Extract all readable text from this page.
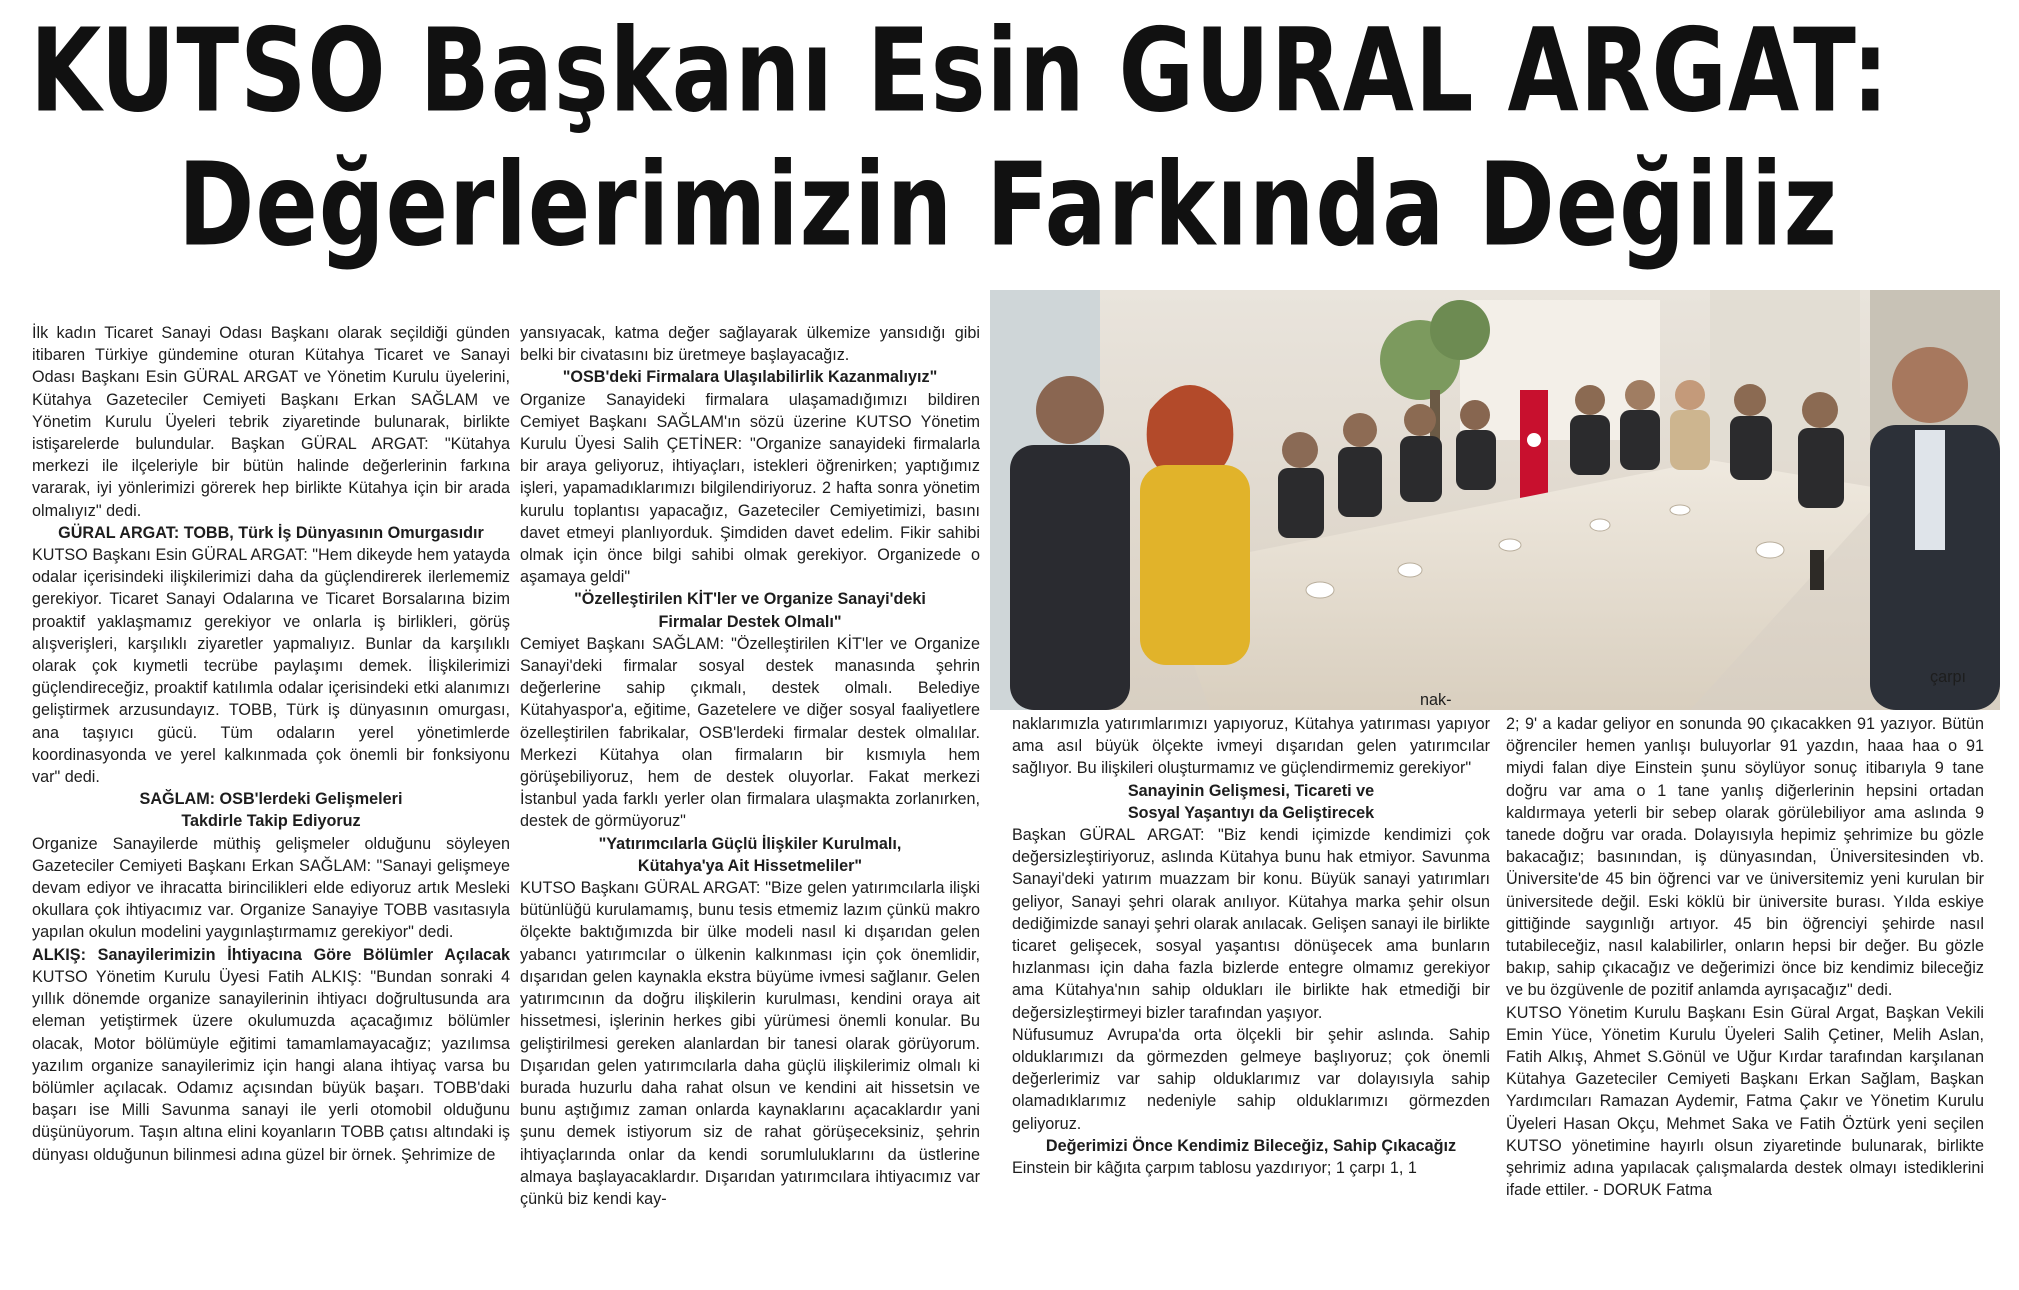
KUTSO Başkanı Esin GURAL ARGAT:
Değerlerimizin Farkında Değiliz

İlk kadın Ticaret Sanayi Odası Başkanı olarak seçildiği günden itibaren Türkiye gündemine oturan Kütahya Ticaret ve Sanayi Odası Başkanı Esin GÜRAL ARGAT ve Yönetim Kurulu üyelerini, Kütahya Gazeteciler Cemiyeti Başkanı Erkan SAĞLAM ve Yönetim Kurulu Üyeleri tebrik ziyaretinde bulunarak, birlikte istişarelerde bulundular. Başkan GÜRAL ARGAT: "Kütahya merkezi ile ilçeleriyle bir bütün halinde değerlerinin farkına vararak, iyi yönlerimizi görerek hep birlikte Kütahya için bir arada olmalıyız" dedi.

GÜRAL ARGAT: TOBB, Türk İş Dünyasının Omurgasıdır

KUTSO Başkanı Esin GÜRAL ARGAT: "Hem dikeyde hem yatayda odalar içerisindeki ilişkilerimizi daha da güçlendirerek ilerlememiz gerekiyor. Ticaret Sanayi Odalarına ve Ticaret Borsalarına bizim proaktif yaklaşmamız gerekiyor ve onlarla iş birlikleri, görüş alışverişleri, karşılıklı ziyaretler yapmalıyız. Bunlar da karşılıklı olarak çok kıymetli tecrübe paylaşımı demek. İlişkilerimizi güçlendireceğiz, proaktif katılımla odalar içerisindeki etki alanımızı geliştirmek arzusundayız. TOBB, Türk iş dünyasının omurgası, ana taşıyıcı gücü. Tüm odaların yerel yönetimlerde koordinasyonda ve yerel kalkınmada çok önemli bir fonksiyonu var" dedi.

SAĞLAM: OSB'lerdeki Gelişmeleri

Takdirle Takip Ediyoruz

Organize Sanayilerde müthiş gelişmeler olduğunu söyleyen Gazeteciler Cemiyeti Başkanı Erkan SAĞLAM: "Sanayi gelişmeye devam ediyor ve ihracatta birincilikleri elde ediyoruz artık Mesleki okullara çok ihtiyacımız var. Organize Sanayiye TOBB vasıtasıyla yapılan okulun modelini yaygınlaştırmamız gerekiyor" dedi.

ALKIŞ: Sanayilerimizin İhtiyacına Göre Bölümler Açılacak KUTSO Yönetim Kurulu Üyesi Fatih ALKIŞ: "Bundan sonraki 4 yıllık dönemde organize sanayilerinin ihtiyacı doğrultusunda ara eleman yetiştirmek üzere okulumuzda açacağımız bölümler olacak, Motor bölümüyle eğitimi tamamlamayacağız; yazılımsa yazılım organize sanayilerimiz için hangi alana ihtiyaç varsa bu bölümler açılacak. Odamız açısından büyük başarı. TOBB'daki başarı ise Milli Savunma sanayi ile yerli otomobil olduğunu düşünüyorum. Taşın altına elini koyanların TOBB çatısı altındaki iş dünyası olduğunun bilinmesi adına güzel bir örnek. Şehrimize de

yansıyacak, katma değer sağlayarak ülkemize yansıdığı gibi belki bir civatasını biz üretmeye başlayacağız.

"OSB'deki Firmalara Ulaşılabilirlik Kazanmalıyız"

Organize Sanayideki firmalara ulaşamadığımızı bildiren Cemiyet Başkanı SAĞLAM'ın sözü üzerine KUTSO Yönetim Kurulu Üyesi Salih ÇETİNER: "Organize sanayideki firmalarla bir araya geliyoruz, ihtiyaçları, istekleri öğrenirken; yaptığımız işleri, yapamadıklarımızı bilgilendiriyoruz. 2 hafta sonra yönetim kurulu toplantısı yapacağız, Gazeteciler Cemiyetimizi, basını davet etmeyi planlıyorduk. Şimdiden davet edelim. Fikir sahibi olmak için önce bilgi sahibi olmak gerekiyor. Organizede o aşamaya geldi"

"Özelleştirilen KİT'ler ve Organize Sanayi'deki

Firmalar Destek Olmalı"

Cemiyet Başkanı SAĞLAM: "Özelleştirilen KİT'ler ve Organize Sanayi'deki firmalar sosyal destek manasında şehrin değerlerine sahip çıkmalı, destek olmalı. Belediye Kütahyaspor'a, eğitime, Gazetelere ve diğer sosyal faaliyetlere özelleştirilen fabrikalar, OSB'lerdeki firmalar destek olmalılar. Merkezi Kütahya olan firmaların bir kısmıyla hem görüşebiliyoruz, hem de destek oluyorlar. Fakat merkezi İstanbul yada farklı yerler olan firmalara ulaşmakta zorlanırken, destek de görmüyoruz"

"Yatırımcılarla Güçlü İlişkiler Kurulmalı,

Kütahya'ya Ait Hissetmeliler"

KUTSO Başkanı GÜRAL ARGAT: "Bize gelen yatırımcılarla ilişki bütünlüğü kurulamamış, bunu tesis etmemiz lazım çünkü makro ölçekte baktığımızda bir ülke modeli nasıl ki dışarıdan gelen yabancı yatırımcılar o ülkenin kalkınması için çok önemlidir, dışarıdan gelen kaynakla ekstra büyüme ivmesi sağlanır. Gelen yatırımcının da doğru ilişkilerin kurulması, kendini oraya ait hissetmesi, işlerinin herkes gibi yürümesi önemli konular. Bu geliştirilmesi gereken alanlardan bir tanesi olarak görüyorum. Dışarıdan gelen yatırımcılarla daha güçlü ilişkilerimiz olmalı ki burada huzurlu daha rahat olsun ve kendini ait hissetsin ve bunu aştığımız zaman onlarda kaynaklarını açacaklardır yani şunu demek istiyorum siz de rahat görüşeceksiniz, şehrin ihtiyaçlarında onlar da kendi sorumluluklarını da üstlerine almaya başlayacaklardır. Dışarıdan yatırımcılara ihtiyacımız var çünkü biz kendi kay-

naklarımızla yatırımlarımızı yapıyoruz, Kütahya yatırıması yapıyor ama asıl büyük ölçekte ivmeyi dışarıdan gelen yatırımcılar sağlıyor. Bu ilişkileri oluşturmamız ve güçlendirmemiz gerekiyor"

Sanayinin Gelişmesi, Ticareti ve

Sosyal Yaşantıyı da Geliştirecek

Başkan GÜRAL ARGAT: "Biz kendi içimizde kendimizi çok değersizleştiriyoruz, aslında Kütahya bunu hak etmiyor. Savunma Sanayi'deki yatırım muazzam bir konu. Büyük sanayi yatırımları geliyor, Sanayi şehri olarak anılıyor. Kütahya marka şehir olsun dediğimizde sanayi şehri olarak anılacak. Gelişen sanayi ile birlikte ticaret gelişecek, sosyal yaşantısı dönüşecek ama bunların hızlanması için daha fazla bizlerde entegre olmamız gerekiyor ama Kütahya'nın sahip oldukları ile birlikte hak etmediği bir değersizleştirmeyi bizler tarafından yaşıyor.

Nüfusumuz Avrupa'da orta ölçekli bir şehir aslında. Sahip olduklarımızı da görmezden gelmeye başlıyoruz; çok önemli değerlerimiz var sahip olduklarımız var dolayısıyla sahip olamadıklarımız nedeniyle sahip olduklarımızı görmezden geliyoruz.

Değerimizi Önce Kendimiz Bileceğiz, Sahip Çıkacağız

Einstein bir kâğıta çarpım tablosu yazdırıyor; 1 çarpı 1, 1

2; 9' a kadar geliyor en sonunda 90 çıkacakken 91 yazıyor. Bütün öğrenciler hemen yanlışı buluyorlar 91 yazdın, haaa haa o 91 miydi falan diye Einstein şunu söylüyor sonuç itibarıyla 9 tane doğru var ama o 1 tane yanlış diğerlerinin hepsini ortadan kaldırmaya yeterli bir sebep olarak görülebiliyor ama aslında 9 tanede doğru var orada. Dolayısıyla hepimiz şehrimize bu gözle bakacağız; basınından, iş dünyasından, Üniversitesinden vb. Üniversite'de 45 bin öğrenci var ve üniversitemiz yeni kurulan bir üniversitede değil. Eski köklü bir üniversite burası. Yılda eskiye gittiğinde saygınlığı artıyor. 45 bin öğrenciyi şehirde nasıl tutabileceğiz, nasıl kalabilirler, onların hepsi bir değer. Bu gözle bakıp, sahip çıkacağız ve değerimizi önce biz kendimiz bileceğiz ve bu özgüvenle de pozitif anlamda ayrışacağız" dedi.

KUTSO Yönetim Kurulu Başkanı Esin Güral Argat, Başkan Vekili Emin Yüce, Yönetim Kurulu Üyeleri Salih Çetiner, Melih Aslan, Fatih Alkış, Ahmet S.Gönül ve Uğur Kırdar tarafından karşılanan Kütahya Gazeteciler Cemiyeti Başkanı Erkan Sağlam, Başkan Yardımcıları Ramazan Aydemir, Fatma Çakır ve Yönetim Kurulu Üyeleri Hasan Okçu, Mehmet Saka ve Fatih Öztürk yeni seçilen KUTSO yönetimine hayırlı olsun ziyaretinde bulunarak, birlikte şehrimiz adına yapılacak çalışmalarda destek olmayı istediklerini ifade ettiler. - DORUK Fatma

nak-
çarpı
